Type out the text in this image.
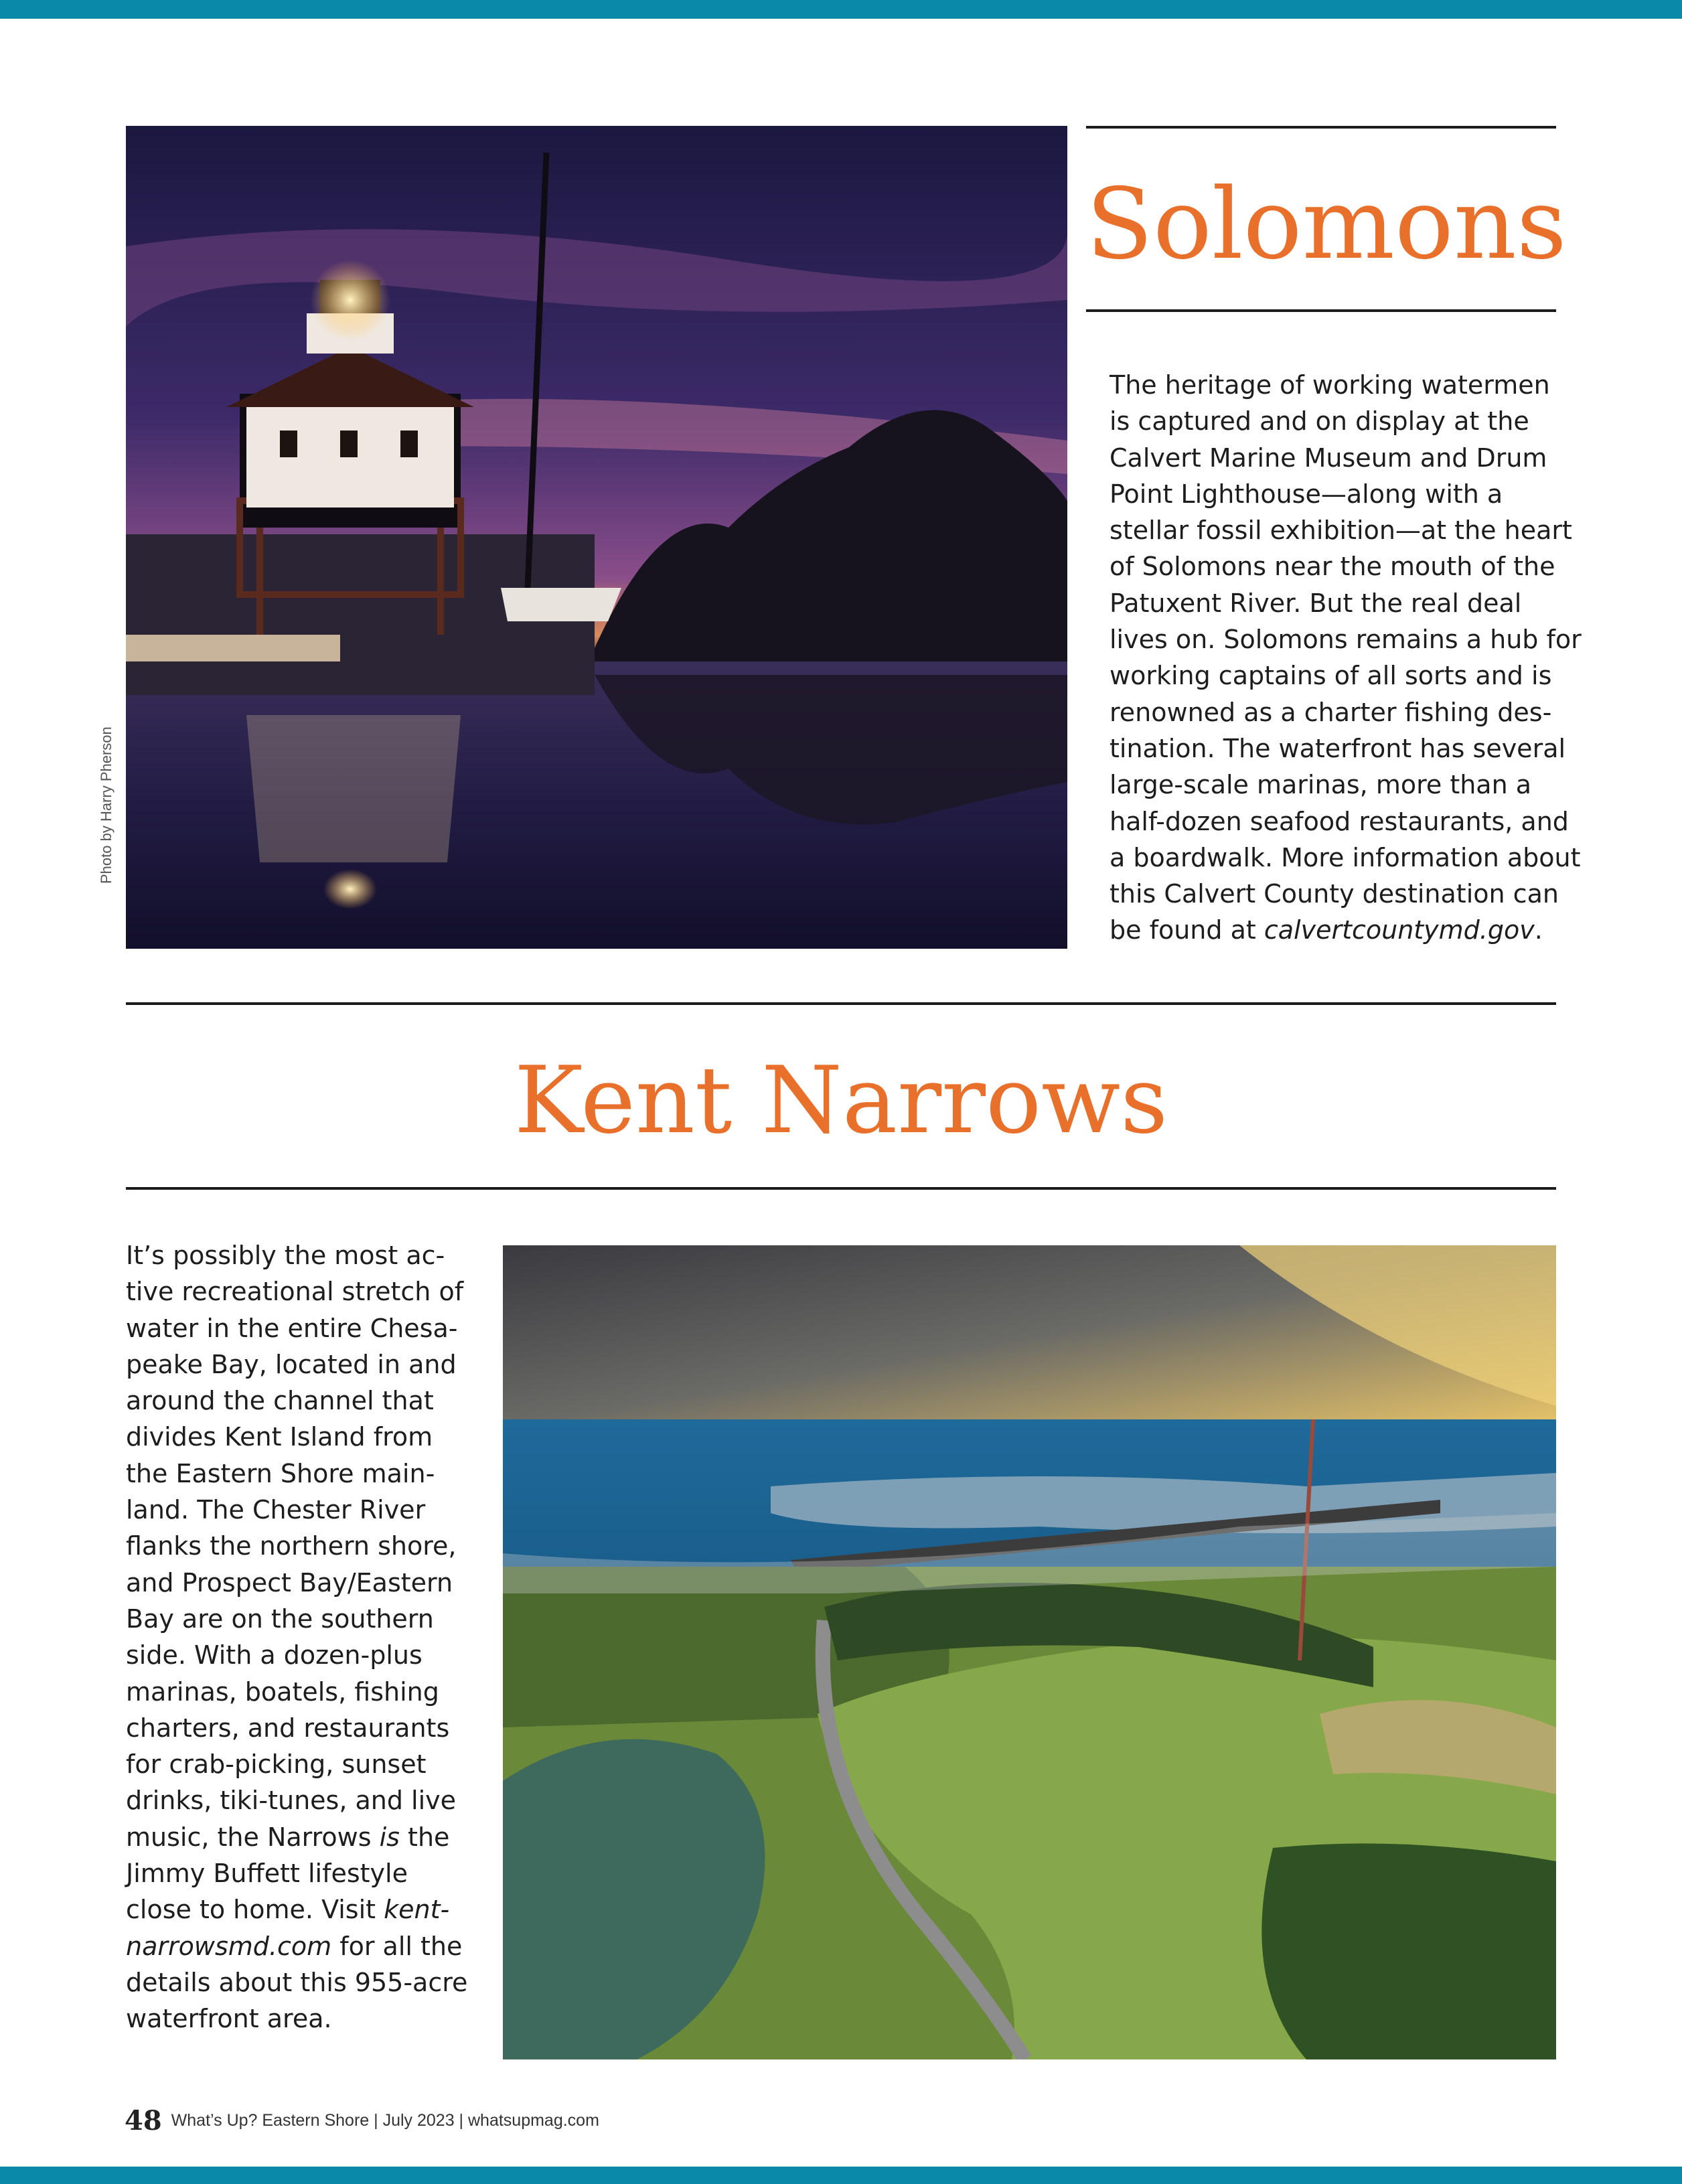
Photo by Harry Pherson
Solomons

The heritage of working watermen
is captured and on display at the
Calvert Marine Museum and Drum
Point Lighthouse—along with a
stellar fossil exhibition—at the heart
of Solomons near the mouth of the
Patuxent River. But the real deal
lives on. Solomons remains a hub for
working captains of all sorts and is
renowned as a charter fishing des-
tination. The waterfront has several
large-scale marinas, more than a
half-dozen seafood restaurants, and
a boardwalk. More information about
this Calvert County destination can
be found at calvertcountymd.gov.

Kent Narrows

It’s possibly the most ac-
tive recreational stretch of
water in the entire Chesa-
peake Bay, located in and
around the channel that
divides Kent Island from
the Eastern Shore main-
land. The Chester River
flanks the northern shore,
and Prospect Bay/Eastern
Bay are on the southern
side. With a dozen-plus
marinas, boatels, fishing
charters, and restaurants
for crab-picking, sunset
drinks, tiki-tunes, and live
music, the Narrows is the
Jimmy Buffett lifestyle
close to home. Visit kent-
narrowsmd.com for all the
details about this 955-acre
waterfront area.

48 What’s Up? Eastern Shore | July 2023 | whatsupmag.com
